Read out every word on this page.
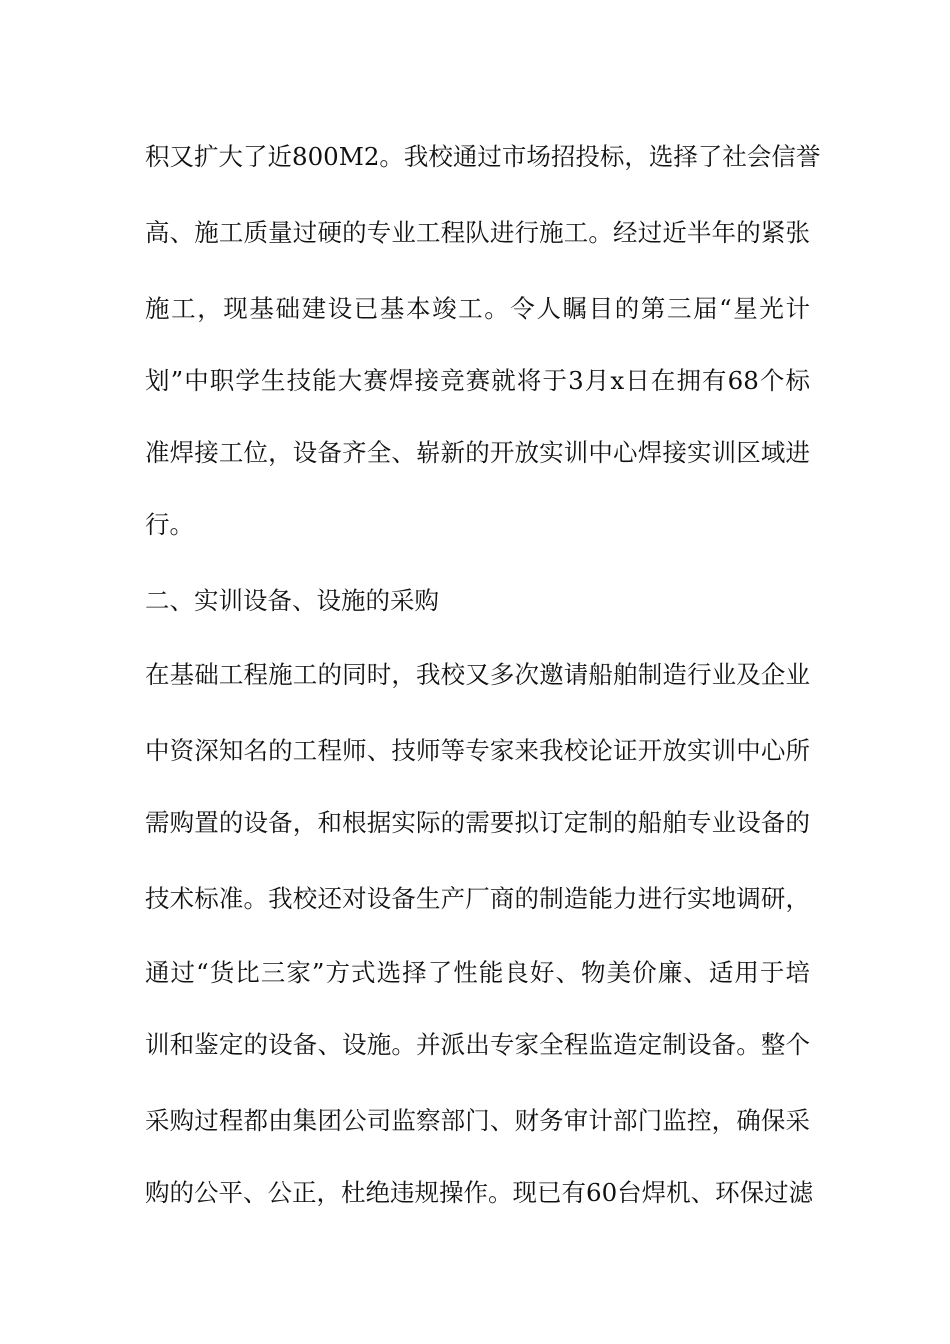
积又扩大了近800M2。我校通过市场招投标，选择了社会信誉
高、施工质量过硬的专业工程队进行施工。经过近半年的紧张
施工，现基础建设已基本竣工。令人瞩目的第三届“星光计
划”中职学生技能大赛焊接竞赛就将于3月x日在拥有68个标
准焊接工位，设备齐全、崭新的开放实训中心焊接实训区域进
行。
二、实训设备、设施的采购
在基础工程施工的同时，我校又多次邀请船舶制造行业及企业
中资深知名的工程师、技师等专家来我校论证开放实训中心所
需购置的设备，和根据实际的需要拟订定制的船舶专业设备的
技术标准。我校还对设备生产厂商的制造能力进行实地调研，
通过“货比三家”方式选择了性能良好、物美价廉、适用于培
训和鉴定的设备、设施。并派出专家全程监造定制设备。整个
采购过程都由集团公司监察部门、财务审计部门监控，确保采
购的公平、公正，杜绝违规操作。现已有60台焊机、环保过滤
